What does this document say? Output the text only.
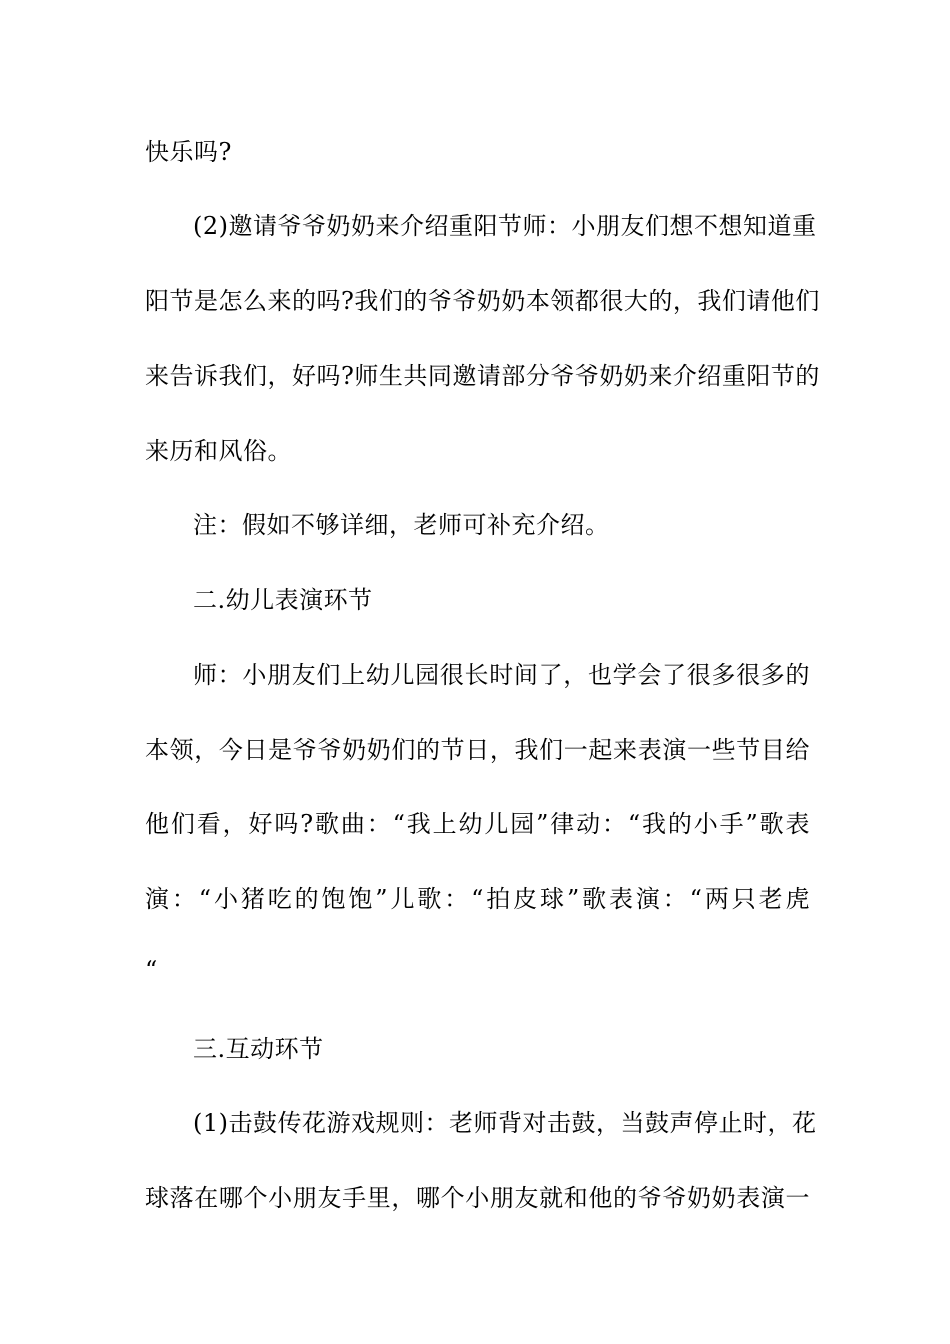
快乐吗?
(2)邀请爷爷奶奶来介绍重阳节师：小朋友们想不想知道重
阳节是怎么来的吗?我们的爷爷奶奶本领都很大的，我们请他们
来告诉我们，好吗?师生共同邀请部分爷爷奶奶来介绍重阳节的
来历和风俗。
注：假如不够详细，老师可补充介绍。
二.幼儿表演环节
师：小朋友们上幼儿园很长时间了，也学会了很多很多的
本领，今日是爷爷奶奶们的节日，我们一起来表演一些节目给
他们看，好吗?歌曲：“我上幼儿园”律动：“我的小手”歌表
演：“小猪吃的饱饱”儿歌：“拍皮球”歌表演：“两只老虎
“
三.互动环节
(1)击鼓传花游戏规则：老师背对击鼓，当鼓声停止时，花
球落在哪个小朋友手里，哪个小朋友就和他的爷爷奶奶表演一
